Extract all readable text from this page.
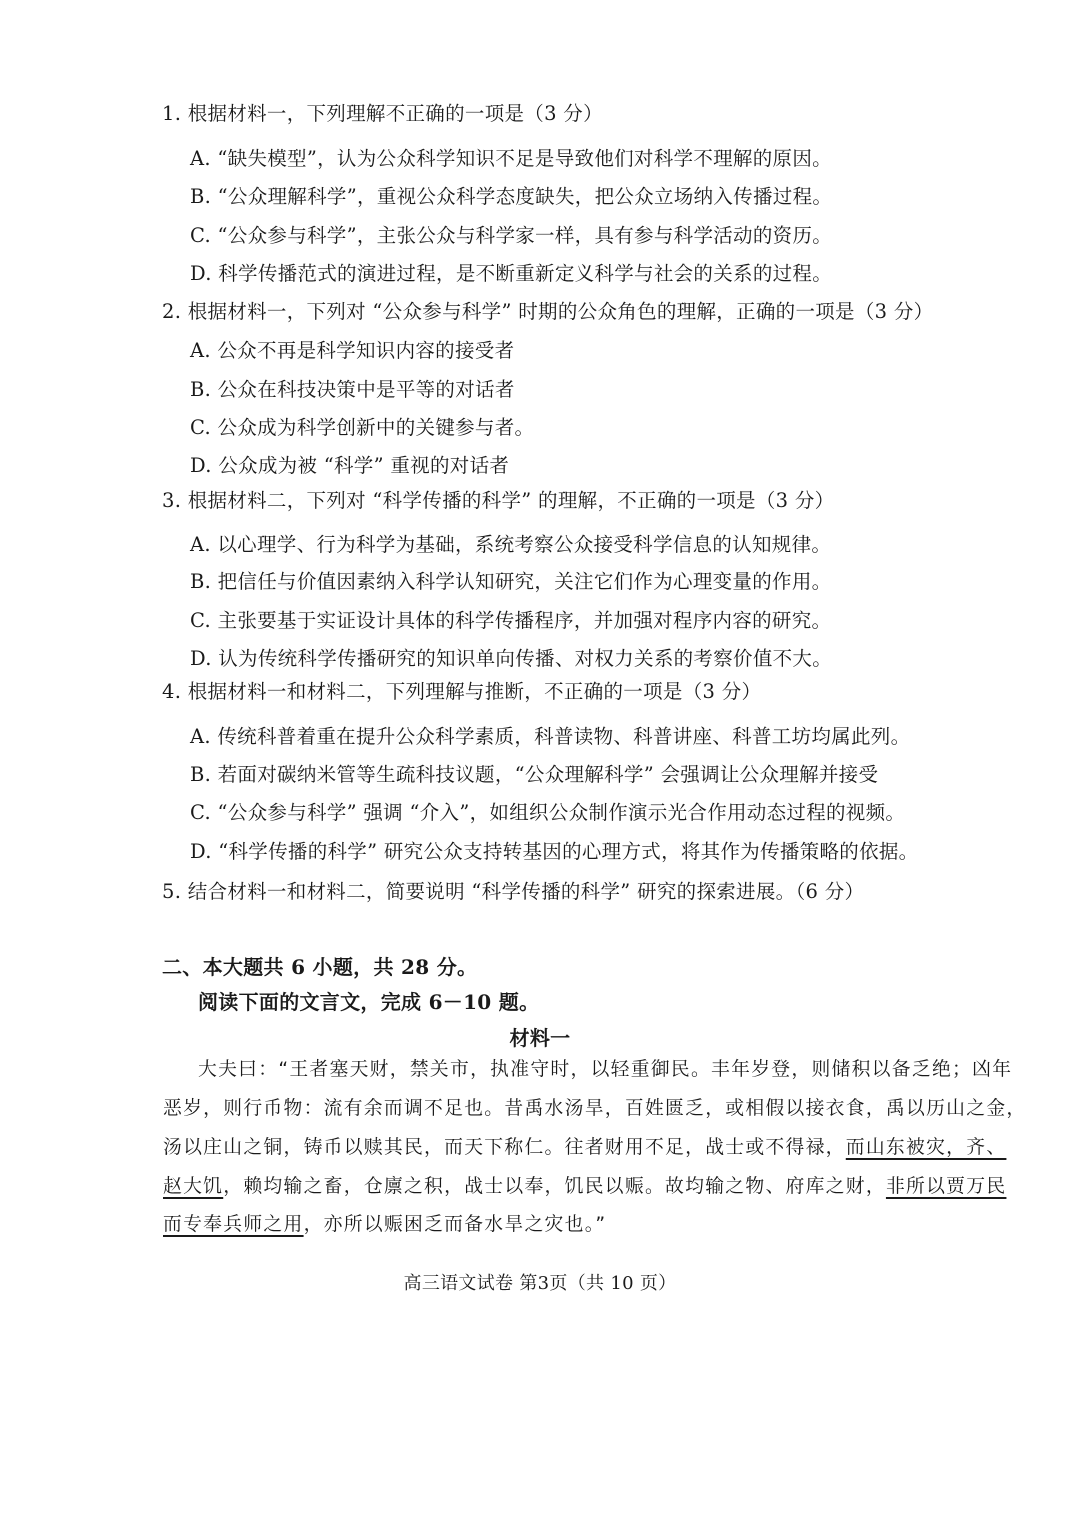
1. 根据材料一，下列理解不正确的一项是（3 分）
A. “缺失模型”，认为公众科学知识不足是导致他们对科学不理解的原因。
B. “公众理解科学”，重视公众科学态度缺失，把公众立场纳入传播过程。
C. “公众参与科学”，主张公众与科学家一样，具有参与科学活动的资历。
D. 科学传播范式的演进过程，是不断重新定义科学与社会的关系的过程。
2. 根据材料一，下列对 “公众参与科学” 时期的公众角色的理解，正确的一项是（3 分）
A. 公众不再是科学知识内容的接受者
B. 公众在科技决策中是平等的对话者
C. 公众成为科学创新中的关键参与者。
D. 公众成为被 “科学” 重视的对话者
3. 根据材料二，下列对 “科学传播的科学” 的理解，不正确的一项是（3 分）
A. 以心理学、行为科学为基础，系统考察公众接受科学信息的认知规律。
B. 把信任与价值因素纳入科学认知研究，关注它们作为心理变量的作用。
C. 主张要基于实证设计具体的科学传播程序，并加强对程序内容的研究。
D. 认为传统科学传播研究的知识单向传播、对权力关系的考察价值不大。
4. 根据材料一和材料二，下列理解与推断，不正确的一项是（3 分）
A. 传统科普着重在提升公众科学素质，科普读物、科普讲座、科普工坊均属此列。
B. 若面对碳纳米管等生疏科技议题，“公众理解科学” 会强调让公众理解并接受
C. “公众参与科学” 强调 “介入”，如组织公众制作演示光合作用动态过程的视频。
D. “科学传播的科学” 研究公众支持转基因的心理方式，将其作为传播策略的依据。
5. 结合材料一和材料二，简要说明 “科学传播的科学” 研究的探索进展。（6 分）
二、本大题共 6 小题，共 28 分。
阅读下面的文言文，完成 6－10 题。
材料一
大夫曰：“王者塞天财，禁关市，执准守时，以轻重御民。丰年岁登，则储积以备乏绝；凶年
恶岁，则行币物：流有余而调不足也。昔禹水汤旱，百姓匮乏，或相假以接衣食，禹以历山之金，
汤以庄山之铜，铸币以赎其民，而天下称仁。往者财用不足，战士或不得禄，而山东被灾，齐、
赵大饥，赖均输之畜，仓廪之积，战士以奉，饥民以赈。故均输之物、府库之财，非所以贾万民
而专奉兵师之用，亦所以赈困乏而备水旱之灾也。”
高三语文试卷 第3页（共 10 页）
